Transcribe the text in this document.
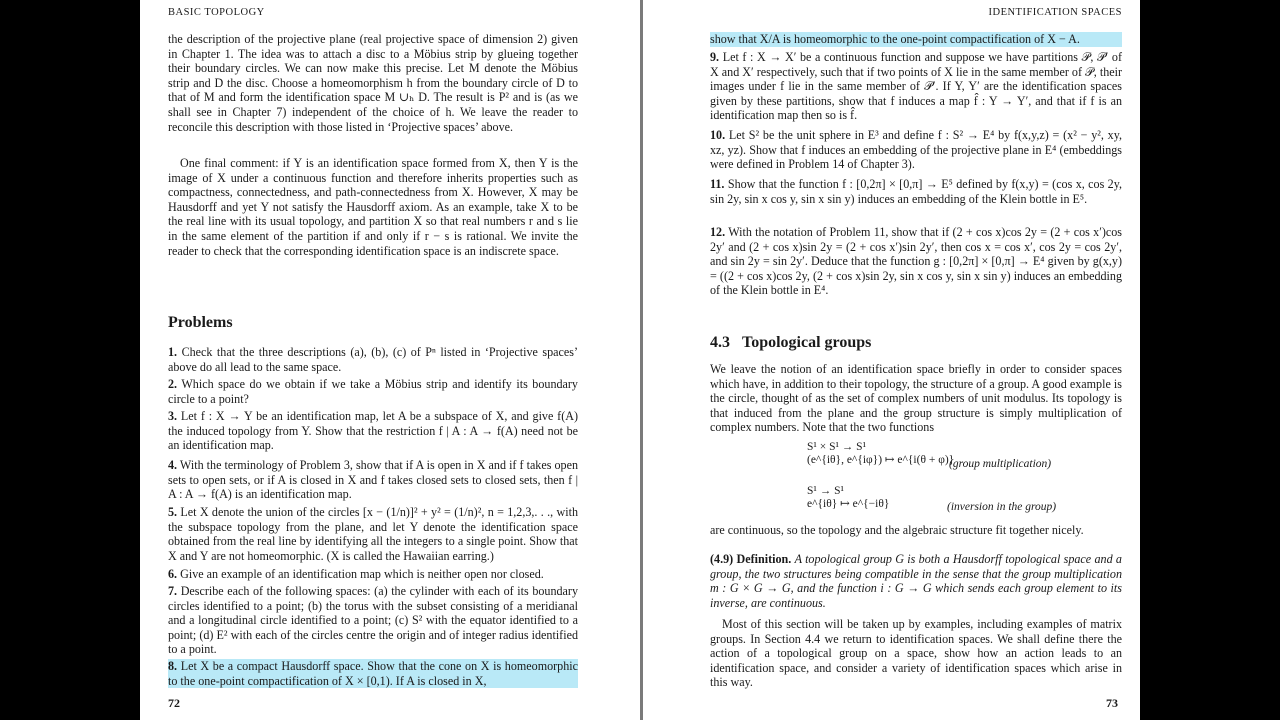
BASIC TOPOLOGY

the description of the projective plane (real projective space of dimension 2) given in Chapter 1. The idea was to attach a disc to a Möbius strip by glueing together their boundary circles. We can now make this precise. Let M denote the Möbius strip and D the disc. Choose a homeomorphism h from the boundary circle of D to that of M and form the identification space M ∪ₕ D. The result is P² and is (as we shall see in Chapter 7) independent of the choice of h. We leave the reader to reconcile this description with those listed in ‘Projective spaces’ above.

One final comment: if Y is an identification space formed from X, then Y is the image of X under a continuous function and therefore inherits properties such as compactness, connectedness, and path-connectedness from X. However, X may be Hausdorff and yet Y not satisfy the Hausdorff axiom. As an example, take X to be the real line with its usual topology, and partition X so that real numbers r and s lie in the same element of the partition if and only if r − s is rational. We invite the reader to check that the corresponding identification space is an indiscrete space.

Problems

1. Check that the three descriptions (a), (b), (c) of Pⁿ listed in ‘Projective spaces’ above do all lead to the same space.

2. Which space do we obtain if we take a Möbius strip and identify its boundary circle to a point?

3. Let f : X → Y be an identification map, let A be a subspace of X, and give f(A) the induced topology from Y. Show that the restriction f | A : A → f(A) need not be an identification map.

4. With the terminology of Problem 3, show that if A is open in X and if f takes open sets to open sets, or if A is closed in X and f takes closed sets to closed sets, then f | A : A → f(A) is an identification map.

5. Let X denote the union of the circles [x − (1/n)]² + y² = (1/n)², n = 1,2,3,. . ., with the subspace topology from the plane, and let Y denote the identification space obtained from the real line by identifying all the integers to a single point. Show that X and Y are not homeomorphic. (X is called the Hawaiian earring.)

6. Give an example of an identification map which is neither open nor closed.

7. Describe each of the following spaces: (a) the cylinder with each of its boundary circles identified to a point; (b) the torus with the subset consisting of a meridianal and a longitudinal circle identified to a point; (c) S² with the equator identified to a point; (d) E² with each of the circles centre the origin and of integer radius identified to a point.

8. Let X be a compact Hausdorff space. Show that the cone on X is homeomorphic to the one-point compactification of X × [0,1). If A is closed in X,

72
IDENTIFICATION SPACES

show that X/A is homeomorphic to the one-point compactification of X − A.

9. Let f : X → X′ be a continuous function and suppose we have partitions 𝒫, 𝒫′ of X and X′ respectively, such that if two points of X lie in the same member of 𝒫, their images under f lie in the same member of 𝒫′. If Y, Y′ are the identification spaces given by these partitions, show that f induces a map f̂ : Y → Y′, and that if f is an identification map then so is f̂.

10. Let S² be the unit sphere in E³ and define f : S² → E⁴ by f(x,y,z) = (x² − y², xy, xz, yz). Show that f induces an embedding of the projective plane in E⁴ (embeddings were defined in Problem 14 of Chapter 3).

11. Show that the function f : [0,2π] × [0,π] → E⁵ defined by f(x,y) = (cos x, cos 2y, sin 2y, sin x cos y, sin x sin y) induces an embedding of the Klein bottle in E⁵.

12. With the notation of Problem 11, show that if (2 + cos x)cos 2y = (2 + cos x′)cos 2y′ and (2 + cos x)sin 2y = (2 + cos x′)sin 2y′, then cos x = cos x′, cos 2y = cos 2y′, and sin 2y = sin 2y′. Deduce that the function g : [0,2π] × [0,π] → E⁴ given by g(x,y) = ((2 + cos x)cos 2y, (2 + cos x)sin 2y, sin x cos y, sin x sin y) induces an embedding of the Klein bottle in E⁴.

4.3 Topological groups

We leave the notion of an identification space briefly in order to consider spaces which have, in addition to their topology, the structure of a group. A good example is the circle, thought of as the set of complex numbers of unit modulus. Its topology is that induced from the plane and the group structure is simply multiplication of complex numbers. Note that the two functions

S¹ × S¹ → S¹
(e^{iθ}, e^{iφ}) ↦ e^{i(θ + φ)}
(group multiplication)
S¹ → S¹
e^{iθ} ↦ e^{−iθ}	(inversion in the group)

are continuous, so the topology and the algebraic structure fit together nicely.

(4.9) Definition. A topological group G is both a Hausdorff topological space and a group, the two structures being compatible in the sense that the group multiplication m : G × G → G, and the function i : G → G which sends each group element to its inverse, are continuous.

Most of this section will be taken up by examples, including examples of matrix groups. In Section 4.4 we return to identification spaces. We shall define there the action of a topological group on a space, show how an action leads to an identification space, and consider a variety of identification spaces which arise in this way.

73
